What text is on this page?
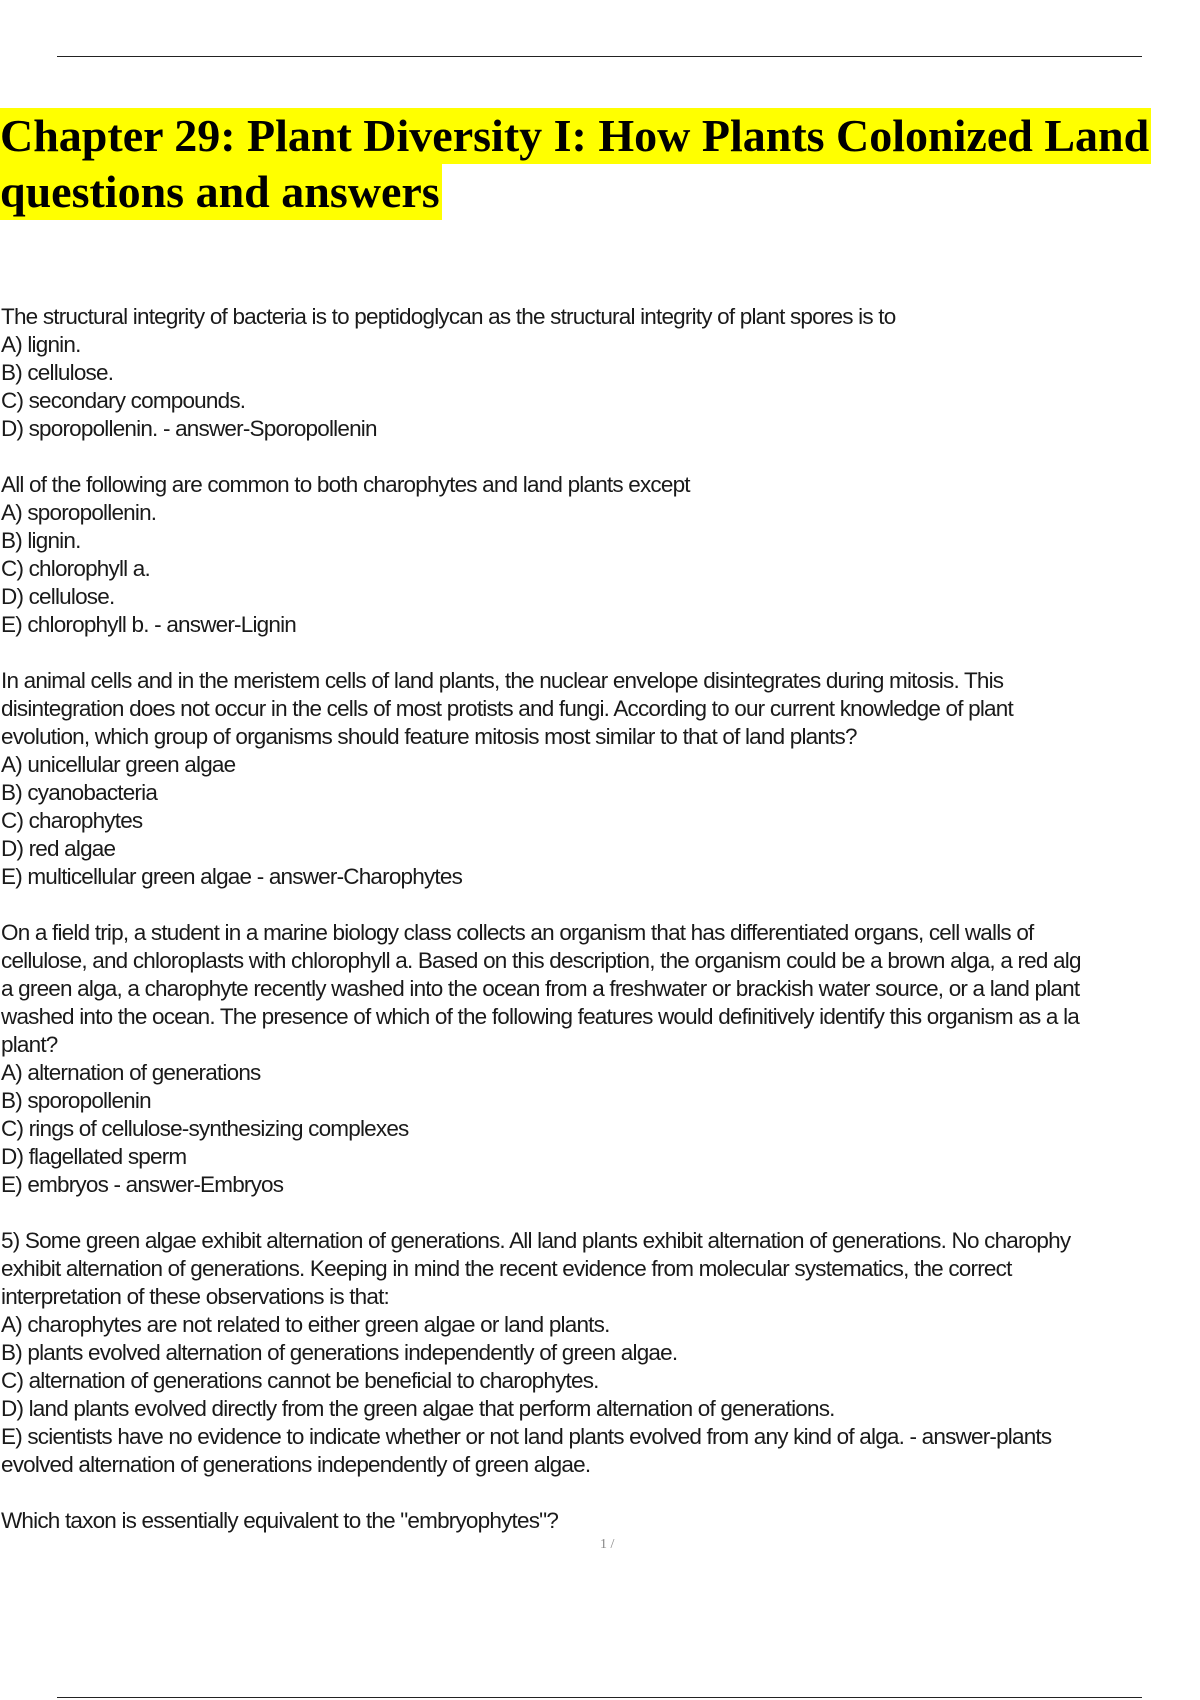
Chapter 29: Plant Diversity I: How Plants Colonized Land
questions and answers
The structural integrity of bacteria is to peptidoglycan as the structural integrity of plant spores is to
A) lignin.
B) cellulose.
C) secondary compounds.
D) sporopollenin. - answer-Sporopollenin
All of the following are common to both charophytes and land plants except
A) sporopollenin.
B) lignin.
C) chlorophyll a.
D) cellulose.
E) chlorophyll b. - answer-Lignin
In animal cells and in the meristem cells of land plants, the nuclear envelope disintegrates during mitosis. This
disintegration does not occur in the cells of most protists and fungi. According to our current knowledge of plant
evolution, which group of organisms should feature mitosis most similar to that of land plants?
A) unicellular green algae
B) cyanobacteria
C) charophytes
D) red algae
E) multicellular green algae - answer-Charophytes
On a field trip, a student in a marine biology class collects an organism that has differentiated organs, cell walls of
cellulose, and chloroplasts with chlorophyll a. Based on this description, the organism could be a brown alga, a red alg
a green alga, a charophyte recently washed into the ocean from a freshwater or brackish water source, or a land plant
washed into the ocean. The presence of which of the following features would definitively identify this organism as a la
plant?
A) alternation of generations
B) sporopollenin
C) rings of cellulose-synthesizing complexes
D) flagellated sperm
E) embryos - answer-Embryos
5) Some green algae exhibit alternation of generations. All land plants exhibit alternation of generations. No charophy
exhibit alternation of generations. Keeping in mind the recent evidence from molecular systematics, the correct
interpretation of these observations is that:
A) charophytes are not related to either green algae or land plants.
B) plants evolved alternation of generations independently of green algae.
C) alternation of generations cannot be beneficial to charophytes.
D) land plants evolved directly from the green algae that perform alternation of generations.
E) scientists have no evidence to indicate whether or not land plants evolved from any kind of alga. - answer-plants
evolved alternation of generations independently of green algae.
Which taxon is essentially equivalent to the "embryophytes"?
1 /
